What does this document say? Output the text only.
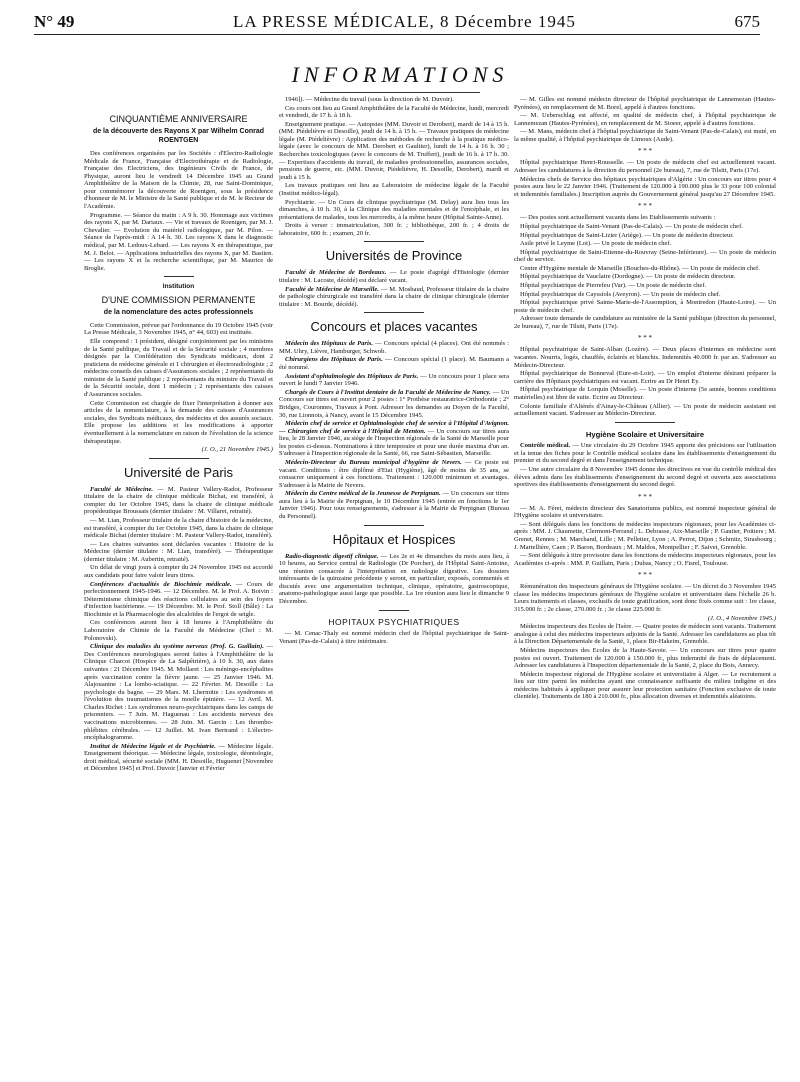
N° 49	LA PRESSE MÉDICALE, 8 Décembre 1945	675
INFORMATIONS
CINQUANTIÈME ANNIVERSAIRE
de la découverte des Rayons X par Wilhelm Conrad ROENTGEN

Des conférences organisées par les Sociétés : d'Electro-Radiologie Médicale de France, Française d'Electrothérapie et de Radiologie, Française des Electriciens, des Ingénieurs Civils de France, de Physique, auront lieu le vendredi 14 Décembre 1945 au Grand Amphithéâtre de la Maison de la Chimie, 28, rue Saint-Dominique, pour commémorer la découverte de Roentgen, sous la présidence d'honneur de M. le Ministre de la Santé publique et de M. le Recteur de l'Académie.

Programme. — Séance du matin : A 9 h. 30. Hommage aux victimes des rayons X, par M. Dariaux. — Vie et travaux de Roentgen, par M. J. Chevalier. — Evolution du matériel radiologique, par M. Pilon. — Séance de l'après-midi : A 14 h. 30. Les rayons X dans le diagnostic médical, par M. Ledoux-Lebard. — Les rayons X en thérapeutique, par M. J. Belot. — Applications industrielles des rayons X, par M. Bastien. — Les rayons X et la recherche scientifique, par M. Maurice de Broglie.

Institution
D'UNE COMMISSION PERMANENTE
de la nomenclature des actes professionnels

Cette Commission, prévue par l'ordonnance du 19 Octobre 1945 (voir La Presse Médicale, 3 Novembre 1945, n° 44, 603) est instituée.

Elle comprend : 1 président, désigné conjointement par les ministres de la Santé publique, du Travail et de la Sécurité sociale ; 4 membres désignés par la Confédération des Syndicats médicaux, dont 2 praticiens de médecine générale et 1 chirurgien et électroradiologiste ; 2 médecins conseils des caisses d'Assurances sociales ; 2 représentants du ministre de la Santé publique ; 2 représentants du ministre du Travail et de la Sécurité sociale, dont 1 médecin ; 2 représentants des caisses d'Assurances sociales.

Cette Commission est chargée de fixer l'interprétation à donner aux articles de la nomenclature, à la demande des caisses d'Assurances sociales, des Syndicats médicaux, des médecins et des assurés sociaux. Elle propose les additions et les modifications à apporter éventuellement à la nomenclature en raison de l'évolution de la science thérapeutique.

(J. O., 21 Novembre 1945.)

Université de Paris

Faculté de Médecine. — M. Pasteur Vallery-Radot, Professeur titulaire de la chaire de clinique médicale Bichat, est transféré, à compter du 1er Octobre 1945, dans la chaire de clinique médicale propédeutique Broussais (dernier titulaire : M. Villaret, retraité).

— M. Lian, Professeur titulaire de la chaire d'histoire de la médecine, est transféré, à compter du 1er Octobre 1945, dans la chaire de clinique médicale Bichat (dernier titulaire : M. Pasteur Vallery-Radot, transféré).

— Les chaires suivantes sont déclarées vacantes : Histoire de la Médecine (dernier titulaire : M. Lian, transféré). — Thérapeutique (dernier titulaire : M. Aubertin, retraité).

Un délai de vingt jours à compter du 24 Novembre 1945 est accordé aux candidats pour faire valoir leurs titres.

Conférences d'actualités de Biochimie médicale. — Cours de perfectionnement 1945-1946. — 12 Décembre. M. le Prof. A. Boivin : Déterminisme chimique des réactions cellulaires au sein des foyers d'infection bactérienne. — 19 Décembre. M. le Prof. Stoll (Bâle) : La Biochimie et la Pharmacologie des alcaloïdes de l'ergot de seigle.

Ces conférences auront lieu à 18 heures à l'Amphithéâtre du Laboratoire de Chimie de la Faculté de Médecine (Chef : M. Polonovski).

Clinique des maladies du système nerveux (Prof. G. Guillain). — Des Conférences neurologiques seront faites à l'Amphithéâtre de la Clinique Charcot (Hospice de La Salpêtrière), à 10 h. 30, aux dates suivantes : 21 Décembre 1945. M. Mollaret : Les méningo-encéphalites après vaccination contre la fièvre jaune. — 25 Janvier 1946. M. Alajouanine : La lombo-sciatique. — 22 Février. M. Desoille : La psychologie du bagne. — 29 Mars. M. Lhermitte : Les syndromes et l'évolution des traumatismes de la moelle épinière. — 12 Avril. M. Charles Richet : Les syndromes neuro-psychiatriques dans les camps de prisonniers. — 7 Juin. M. Haguenau : Les accidents nerveux des vaccinations microbiennes. — 28 Juin. M. Garcin : Les thrombo-phlébites cérébrales. — 12 Juillet. M. Ivan Bertrand : L'électro-encéphalogramme.

Institut de Médecine légale et de Psychiatrie. — Médecine légale. Enseignement théorique. — Médecine légale, toxicologie, déontologie, droit médical, sécurité sociale (MM. H. Desoille, Huguenet [Novembre et Décembre 1945] et Prof. Duvoir [Janvier et Février

1946]). — Médecine du travail (sous la direction de M. Duvoir).

Ces cours ont lieu au Grand Amphithéâtre de la Faculté de Médecine, lundi, mercredi et vendredi, de 17 h. à 18 h.

Enseignement pratique. — Autopsies (MM. Duvoir et Derobert), mardi de 14 à 15 h. (MM. Piédelièvre et Desoille), jeudi de 14 h. à 15 h. — Travaux pratiques de médecine légale (M. Piédelièvre) : Application des méthodes de recherche à la pratique médico-légale (avec le concours de MM. Derobert et Gaultier), lundi de 14 h. à 16 h. 30 ; Recherches toxicologiques (avec le concours de M. Truffert), jeudi de 16 h. à 17 h. 30. — Expertises d'accidents du travail, de maladies professionnelles, assurances sociales, pensions de guerre, etc. (MM. Duvoir, Piédelièvre, H. Desoille, Derobert), mardi et jeudi à 15 h.

Les travaux pratiques ont lieu au Laboratoire de médecine légale de la Faculté (Institut médico-légal).

Psychiatrie. — Un Cours de clinique psychiatrique (M. Delay) aura lieu tous les dimanches, à 10 h. 30, à la Clinique des maladies mentales et de l'encéphale, et les présentations de malades, tous les mercredis, à la même heure (Hôpital Sainte-Anne).

Droits à verser : immatriculation, 300 fr. ; bibliothèque, 200 fr. ; 4 droits de laboratoire, 600 fr. ; examen, 20 fr.

Universités de Province

Faculté de Médecine de Bordeaux. — Le poste d'agrégé d'Histologie (dernier titulaire : M. Lacoste, décédé) est déclaré vacant.

Faculté de Médecine de Marseille. — M. Mosbaud, Professeur titulaire de la chaire de pathologie chirurgicale est transféré dans la chaire de clinique chirurgicale (dernier titulaire : M. Bourde, décédé).

Concours et places vacantes

Médecin des Hôpitaux de Paris. — Concours spécial (4 places). Ont été nommés : MM. Uhry, Lièvre, Hamburger, Schwob.

Chirurgiens des Hôpitaux de Paris. — Concours spécial (1 place). M. Baumann a été nommé.

Assistant d'ophtalmologie des Hôpitaux de Paris. — Un concours pour 1 place sera ouvert le lundi 7 Janvier 1946.

Chargés de Cours à l'Institut dentaire de la Faculté de Médecine de Nancy. — Un Concours sur titres est ouvert pour 2 postes : 1° Prothèse restauratrice-Orthodontie ; 2° Bridges, Couronnes, Travaux à Pont. Adresser les demandes au Doyen de la Faculté, 30, rue Lionnois, à Nancy, avant le 15 Décembre 1945.

Médecin chef de service et Ophtalmologiste chef de service à l'Hôpital d'Avignon. — Chirurgien chef de service à l'Hôpital de Menton. — Un concours sur titres aura lieu, le 28 Janvier 1946, au siège de l'Inspection régionale de la Santé de Marseille pour les postes ci-dessus. Nominations à titre temporaire et pour une durée maxima d'un an. S'adresser à l'Inspection régionale de la Santé, 66, rue Saint-Sébastien, Marseille.

Médecin-Directeur du Bureau municipal d'hygiène de Nevers. — Ce poste est vacant. Conditions : être diplômé d'Etat (Hygiène), âgé de moins de 35 ans, se consacrer uniquement à ces fonctions. Traitement : 120.000 minimum et avantages. S'adresser à la Mairie de Nevers.

Médecin du Centre médical de la Jeunesse de Perpignan. — Un concours sur titres aura lieu à la Mairie de Perpignan, le 10 Décembre 1945 (entrée en fonctions le 1er Janvier 1946). Pour tous renseignements, s'adresser à la Mairie de Perpignan (Bureau du Personnel).

Hôpitaux et Hospices

Radio-diagnostic digestif clinique. — Les 2e et 4e dimanches du mois aura lieu, à 10 heures, au Service central de Radiologie (Dr Porcher), de l'Hôpital Saint-Antoine, une réunion consacrée à l'interprétation en radiologie digestive. Les dossiers intéressants de la quinzaine précédente y seront, en particulier, exposés, commentés et discutés avec une argumentation technique, clinique, opératoire, gastroscopique, anatomo-pathologique aussi large que possible. La 1re réunion aura lieu le dimanche 9 Décembre.

HOPITAUX PSYCHIATRIQUES

— M. Cenac-Thaly est nommé médecin chef de l'hôpital psychiatrique de Saint-Venant (Pas-de-Calais) à titre intérimaire.

— M. Gilles est nommé médecin directeur de l'hôpital psychiatrique de Lannemezan (Hautes-Pyrénées), en remplacement de M. Borel, appelé à d'autres fonctions.

— M. Ueberschlag est affecté, en qualité de médecin chef, à l'hôpital psychiatrique de Lannemezan (Hautes-Pyrénées), en remplacement de M. Stoeer, appelé à d'autres fonctions.

— M. Mans, médecin chef à l'hôpital psychiatrique de Saint-Venant (Pas-de-Calais), est muté, en la même qualité, à l'hôpital psychiatrique de Limoux (Aude).

* * *

Hôpital psychiatrique Henri-Rousselle. — Un poste de médecin chef est actuellement vacant. Adresser les candidatures à la direction du personnel (2e bureau), 7, rue de Tilsitt, Paris (17e).

Médecins chefs de Service des hôpitaux psychiatriques d'Algérie : Un concours sur titres pour 4 postes aura lieu le 22 Janvier 1946. (Traitement de 120.000 à 190.000 plus le 33 pour 100 colonial et indemnités familiales.) Inscription auprès du Gouvernement général jusqu'au 27 Décembre 1945.

* * *

— Des postes sont actuellement vacants dans les Etablissements suivants :

Hôpital psychiatrique de Saint-Venant (Pas-de-Calais). — Un poste de médecin chef.

Hôpital psychiatrique de Saint-Lizier (Ariège). — Un poste de médecin directeur.

Asile privé le Leyme (Lot). — Un poste de médecin chef.

Hôpital psychiatrique de Saint-Etienne-du-Rouvray (Seine-Inférieure). — Un poste de médecin chef de service.

Centre d'Hygiène mentale de Marseille (Bouches-du-Rhône). — Un poste de médecin chef.

Hôpital psychiatrique de Vauclaire (Dordogne). — Un poste de médecin directeur.

Hôpital psychiatrique de Pierrefeu (Var). — Un poste de médecin chef.

Hôpital psychiatrique de Cayssiols (Aveyron). — Un poste de médecin chef.

Hôpital psychiatrique privé Sainte-Marie-de-l'Assomption, à Montredon (Haute-Loire). — Un poste de médecin chef.

Adresser toute demande de candidature au ministère de la Santé publique (direction du personnel, 2e bureau), 7, rue de Tilsitt, Paris (17e).

* * *

Hôpital psychiatrique de Saint-Alban (Lozère). — Deux places d'internes en médecine sont vacantes. Nourris, logés, chauffés, éclairés et blanchis. Indemnités 40.000 fr. par an. S'adresser au Médecin-Directeur.

Hôpital psychiatrique de Bonneval (Eure-et-Loir). — Un emploi d'interne désirant préparer la carrière des Hôpitaux psychiatriques est vacant. Ecrire au Dr Henri Ey.

Hôpital psychiatrique de Lorquin (Moselle). — Un poste d'interne (5e année, bonnes conditions matérielles) est libre de suite. Ecrire au Directeur.

Colonie familiale d'Aliénés d'Ainay-le-Château (Allier). — Un poste de médecin assistant est actuellement vacant. S'adresser au Médecin-Directeur.

Hygiène Scolaire et Universitaire

Contrôle médical. — Une circulaire du 29 Octobre 1945 apporte des précisions sur l'utilisation et la tenue des fiches pour le Contrôle médical scolaire dans les établissements d'enseignement du premier et du second degré et dans l'enseignement technique.

— Une autre circulaire du 8 Novembre 1945 donne des directives en vue du contrôle médical des élèves admis dans les établissements d'enseignement du second degré et ouverts aux associations sportives des établissements d'enseignement du second degré.

* * *

— M. A. Féret, médecin directeur des Sanatoriums publics, est nommé inspecteur général de l'Hygiène scolaire et universitaire.

— Sont délégués dans les fonctions de médecins inspecteurs régionaux, pour les Académies ci-après : MM. J. Chaumette, Clermont-Ferrand ; L. Debrasse, Aix-Marseille ; P. Gautier, Poitiers ; M. Grenet, Rennes ; M. Marchand, Lille ; M. Pelletier, Lyon ; A. Perrot, Dijon ; Schmitz, Strasbourg ; J. Martellière, Caen ; P. Baron, Bordeaux ; M. Maldos, Montpellier ; F. Saivet, Grenoble.

— Sont délégués à titre provisoire dans les fonctions de médecins inspecteurs régionaux, pour les Académies ci-après : MM. P. Guillain, Paris ; Dubas, Nancy ; O. Fisrel, Toulouse.

* * *

Rémunération des inspecteurs généraux de l'Hygiène scolaire. — Un décret du 3 Novembre 1945 classe les médecins inspecteurs généraux de l'hygiène scolaire et universitaire dans l'échelle 26 b. Leurs traitements et classes, exclusifs de toute gratification, sont donc fixés comme suit : 1re classe, 315.000 fr. ; 2e classe, 270.000 fr. ; 3e classe 225.000 fr.

(J. O., 4 Novembre 1945.)

Médecins inspecteurs des Ecoles de l'Isère. — Quatre postes de médecin sont vacants. Traitement analogue à celui des médecins inspecteurs adjoints de la Santé. Adresser les candidatures au plus tôt à la Direction Départementale de la Santé, 1, place Bir-Hakeim, Grenoble.

Médecins inspecteurs des Ecoles de la Haute-Savoie. — Un concours sur titres pour quatre postes est ouvert. Traitement de 120.000 à 150.000 fr., plus indemnité de frais de déplacement. Adresser les candidatures à l'Inspection départementale de la Santé, 2, place du Bois, Annecy.

Médecin inspecteur régional de l'Hygiène scolaire et universitaire à Alger. — Le recrutement a lieu sur titre parmi les médecins ayant une connaissance suffisante du milieu indigène et des médecins habitués à appliquer pour assurer leur protection sanitaire (Fonction exclusive de toute clientèle). Traitements de 180 à 210.000 fr., plus allocation diverses et indemnités aléatoires.
